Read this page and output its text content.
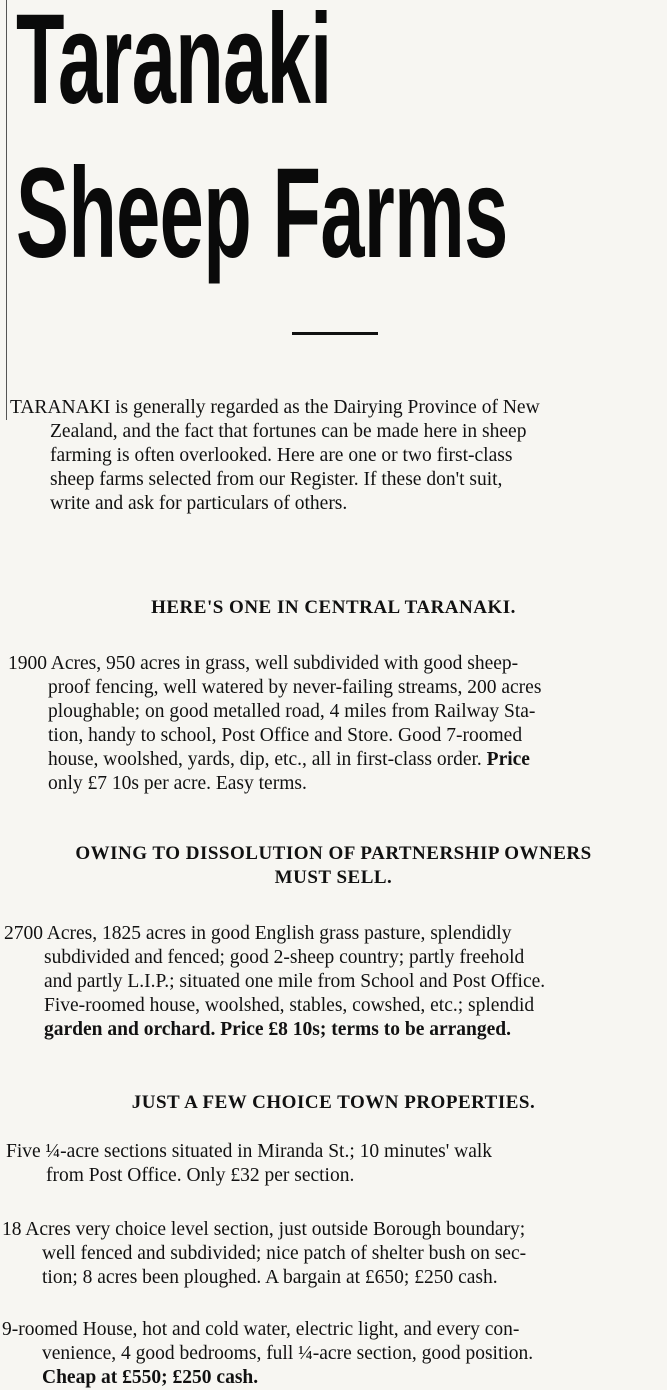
Taranaki
Sheep Farms
TARANAKI is generally regarded as the Dairying Province of New
Zealand, and the fact that fortunes can be made here in sheep
farming is often overlooked. Here are one or two first-class
sheep farms selected from our Register. If these don't suit,
write and ask for particulars of others.
HERE'S ONE IN CENTRAL TARANAKI.
1900 Acres, 950 acres in grass, well subdivided with good sheep-
proof fencing, well watered by never-failing streams, 200 acres
ploughable; on good metalled road, 4 miles from Railway Sta-
tion, handy to school, Post Office and Store. Good 7-roomed
house, woolshed, yards, dip, etc., all in first-class order. Price
only £7 10s per acre. Easy terms.
OWING TO DISSOLUTION OF PARTNERSHIP OWNERS
MUST SELL.
2700 Acres, 1825 acres in good English grass pasture, splendidly
subdivided and fenced; good 2-sheep country; partly freehold
and partly L.I.P.; situated one mile from School and Post Office.
Five-roomed house, woolshed, stables, cowshed, etc.; splendid
garden and orchard. Price £8 10s; terms to be arranged.
JUST A FEW CHOICE TOWN PROPERTIES.
Five ¼-acre sections situated in Miranda St.; 10 minutes' walk
from Post Office. Only £32 per section.
18 Acres very choice level section, just outside Borough boundary;
well fenced and subdivided; nice patch of shelter bush on sec-
tion; 8 acres been ploughed. A bargain at £650; £250 cash.
9-roomed House, hot and cold water, electric light, and every con-
venience, 4 good bedrooms, full ¼-acre section, good position.
Cheap at £550; £250 cash.
